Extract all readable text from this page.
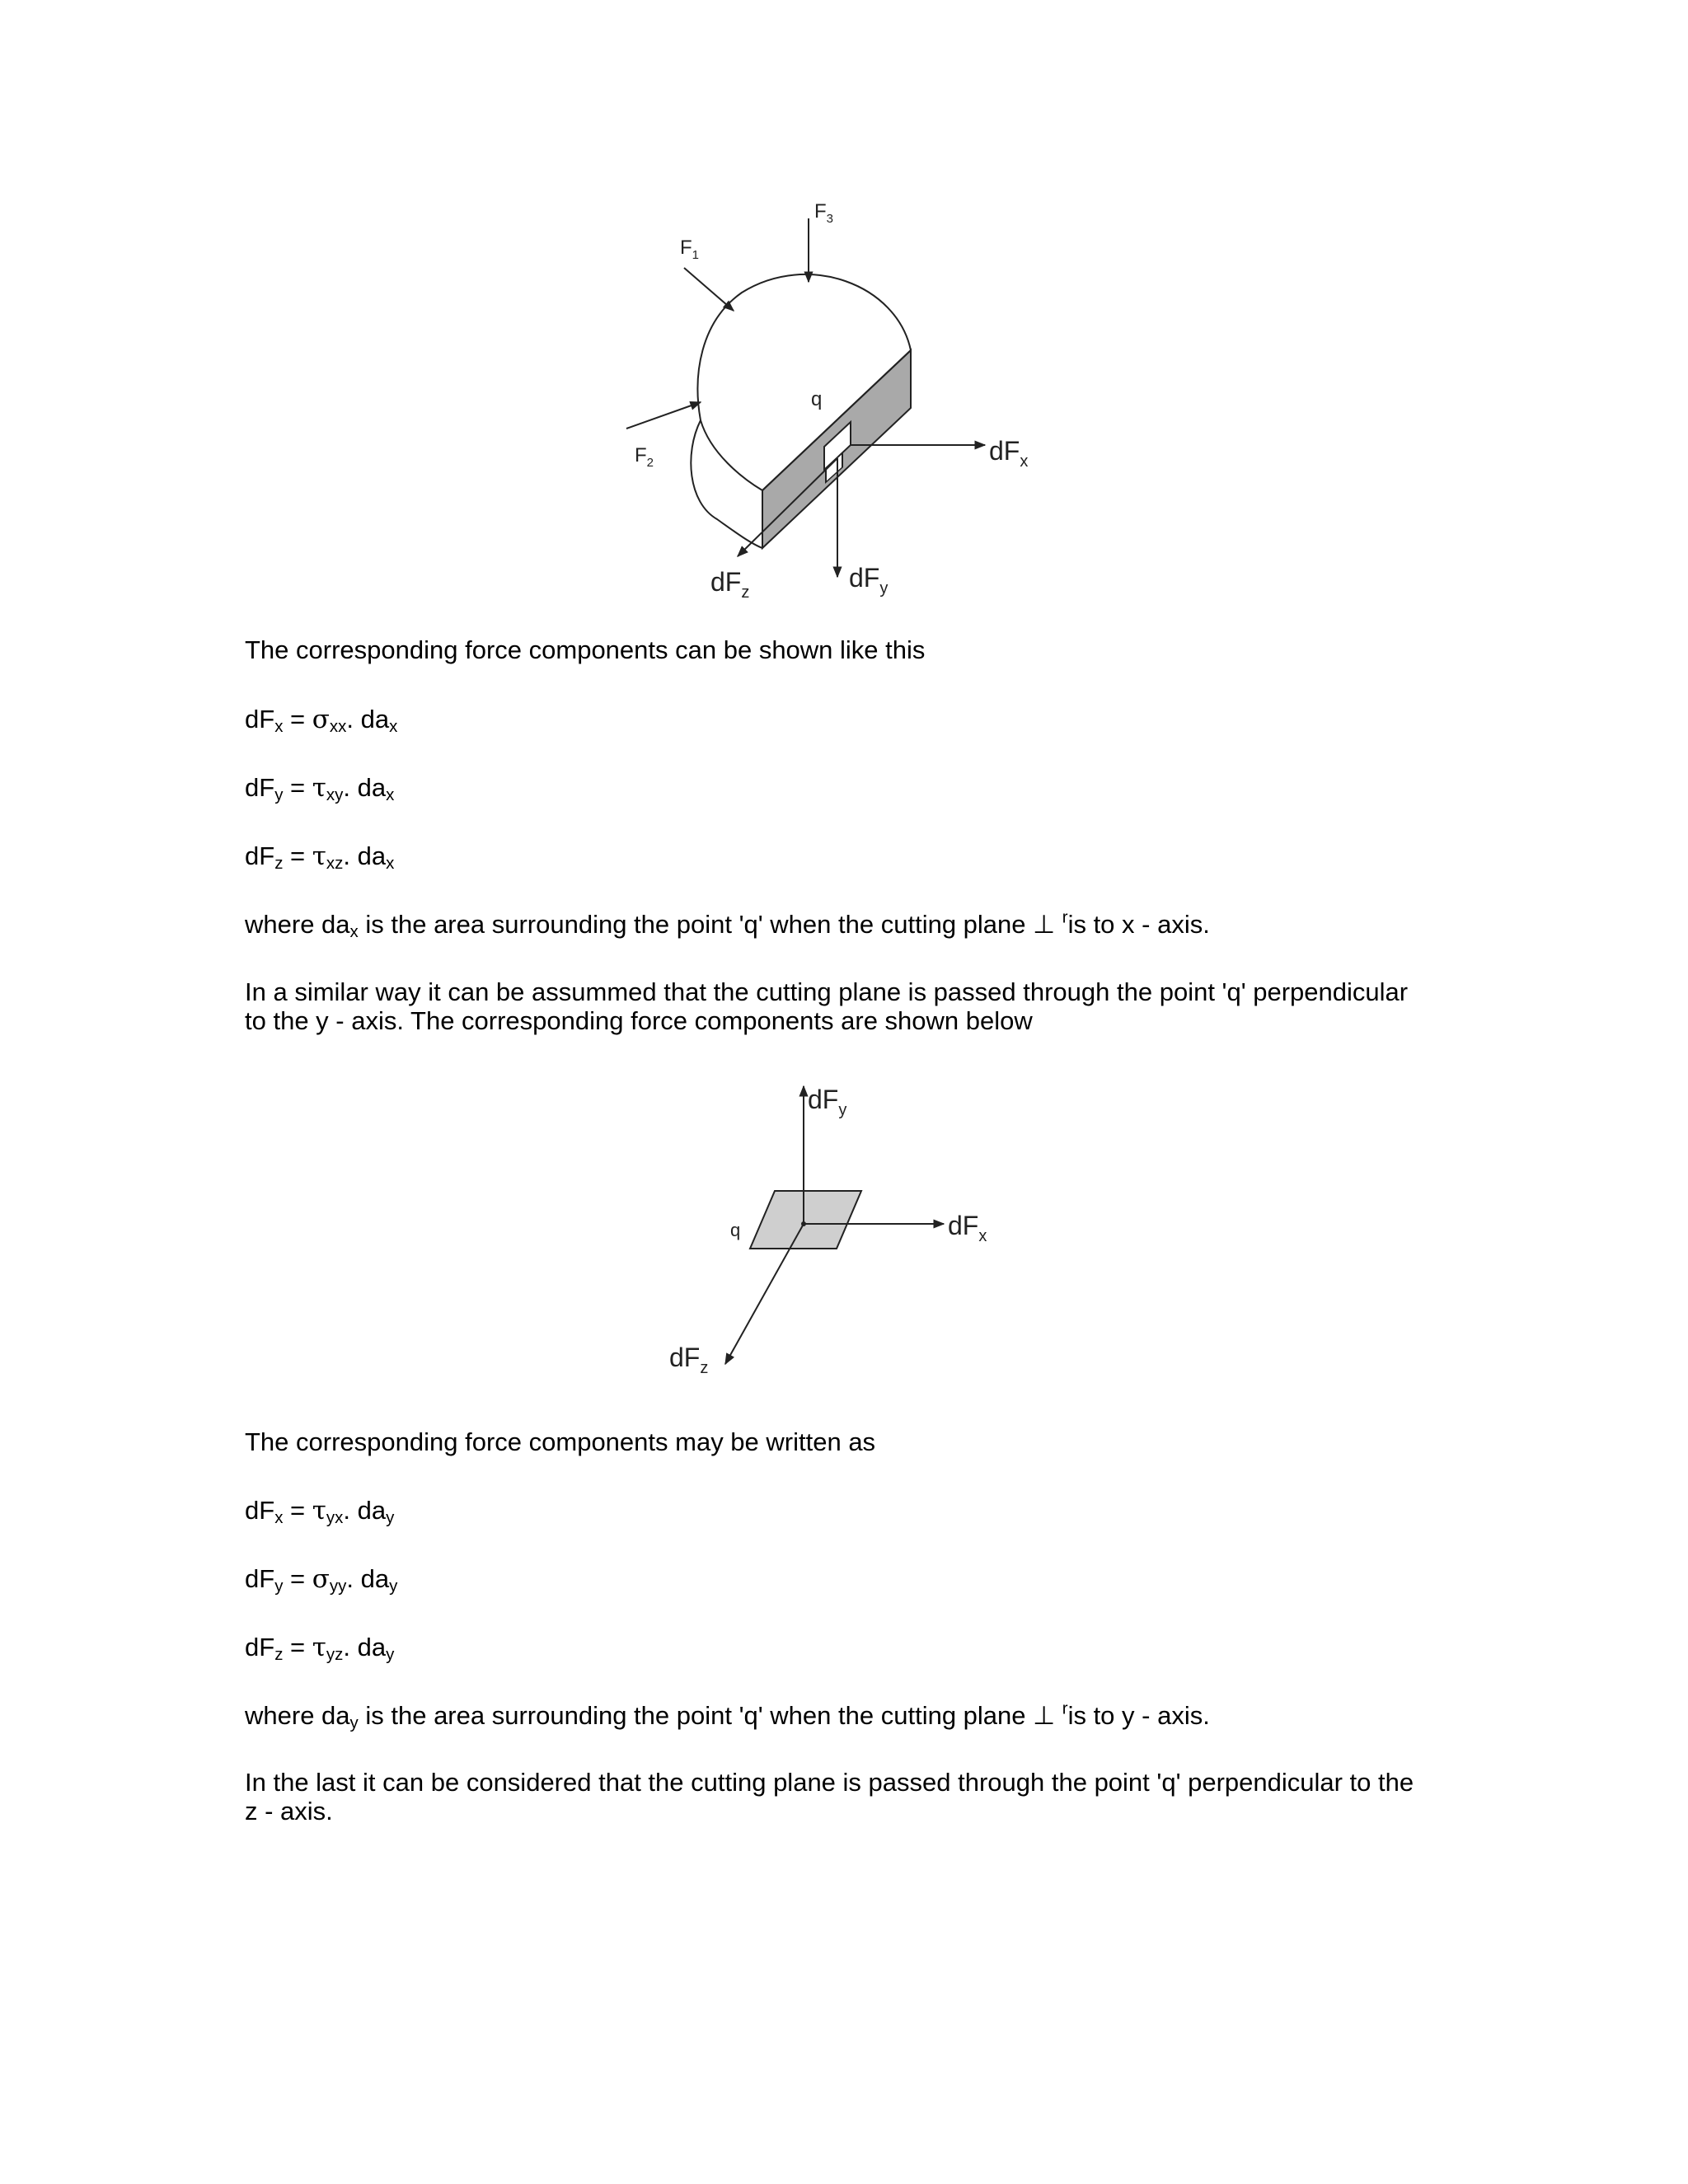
$F_1$
$F_2$
$F_3$
q
$dF_x$
$dF_y$
$dF_z$

The corresponding force components can be shown like this

$dF_x = \sigma_{xx}$. $da_x$

$dF_y = \tau_{xy}$. $da_x$

$dF_z = \tau_{xz}$. $da_x$

where $da_x$ is the area surrounding the point 'q' when the cutting plane ⊥ $^r$is to x - axis.

In a similar way it can be assummed that the cutting plane is passed through the point 'q' perpendicular to the y - axis. The corresponding force components are shown below

q
$dF_y$
$dF_x$
$dF_z$

The corresponding force components may be written as

$dF_x = \tau_{yx}$. $da_y$

$dF_y = \sigma_{yy}$. $da_y$

$dF_z = \tau_{yz}$. $da_y$

where $da_y$ is the area surrounding the point 'q' when the cutting plane ⊥ $^r$is to y - axis.

In the last it can be considered that the cutting plane is passed through the point 'q' perpendicular to the z - axis.
